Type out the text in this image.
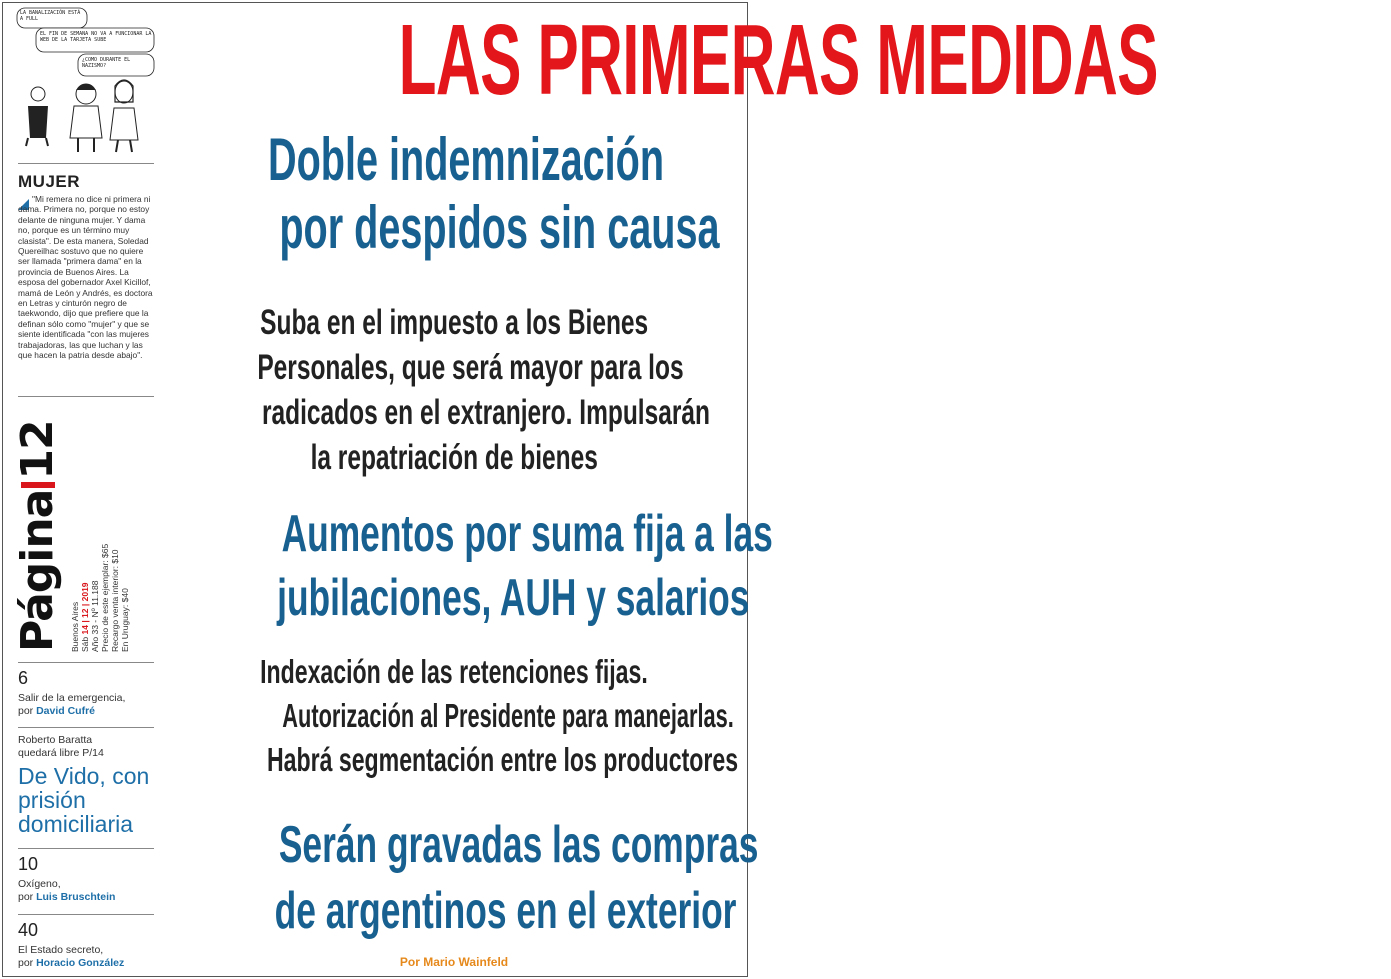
LA BANALIZACIÓN ESTÁ A FULL
EL FIN DE SEMANA NO VA A FUNCIONAR LA WEB DE LA TARJETA SUBE
¿COMO DURANTE EL NAZISMO?
MUJER
"Mi remera no dice ni primera ni dama. Primera no, porque no estoy delante de ninguna mujer. Y dama no, porque es un término muy clasista". De esta manera, Soledad Quereilhac sostuvo que no quiere ser llamada "primera dama" en la provincia de Buenos Aires. La esposa del gobernador Axel Kicillof, mamá de León y Andrés, es doctora en Letras y cinturón negro de taekwondo, dijo que prefiere que la definan sólo como "mujer" y que se siente identificada "con las mujeres trabajadoras, las que luchan y las que hacen la patria desde abajo".
Página12
Buenos Aires Sáb 14 | 12 | 2019 Año 33 - Nº 11.188 Precio de este ejemplar: $65 Recargo venta interior: $10 En Uruguay: $40
6
Salir de la emergencia,
por David Cufré
Roberto Baratta quedará libre P/14
De Vido, con prisión domiciliaria
10
Oxígeno,
por Luis Bruschtein
40
El Estado secreto,
por Horacio González
LAS PRIMERAS MEDIDAS
Doble indemnización
por despidos sin causa
Suba en el impuesto a los Bienes
Personales, que será mayor para los
radicados en el extranjero. Impulsarán
la repatriación de bienes
Aumentos por suma fija a las
jubilaciones, AUH y salarios
Indexación de las retenciones fijas.
Autorización al Presidente para manejarlas.
Habrá segmentación entre los productores
Serán gravadas las compras
de argentinos en el exterior
Por Mario Wainfeld
